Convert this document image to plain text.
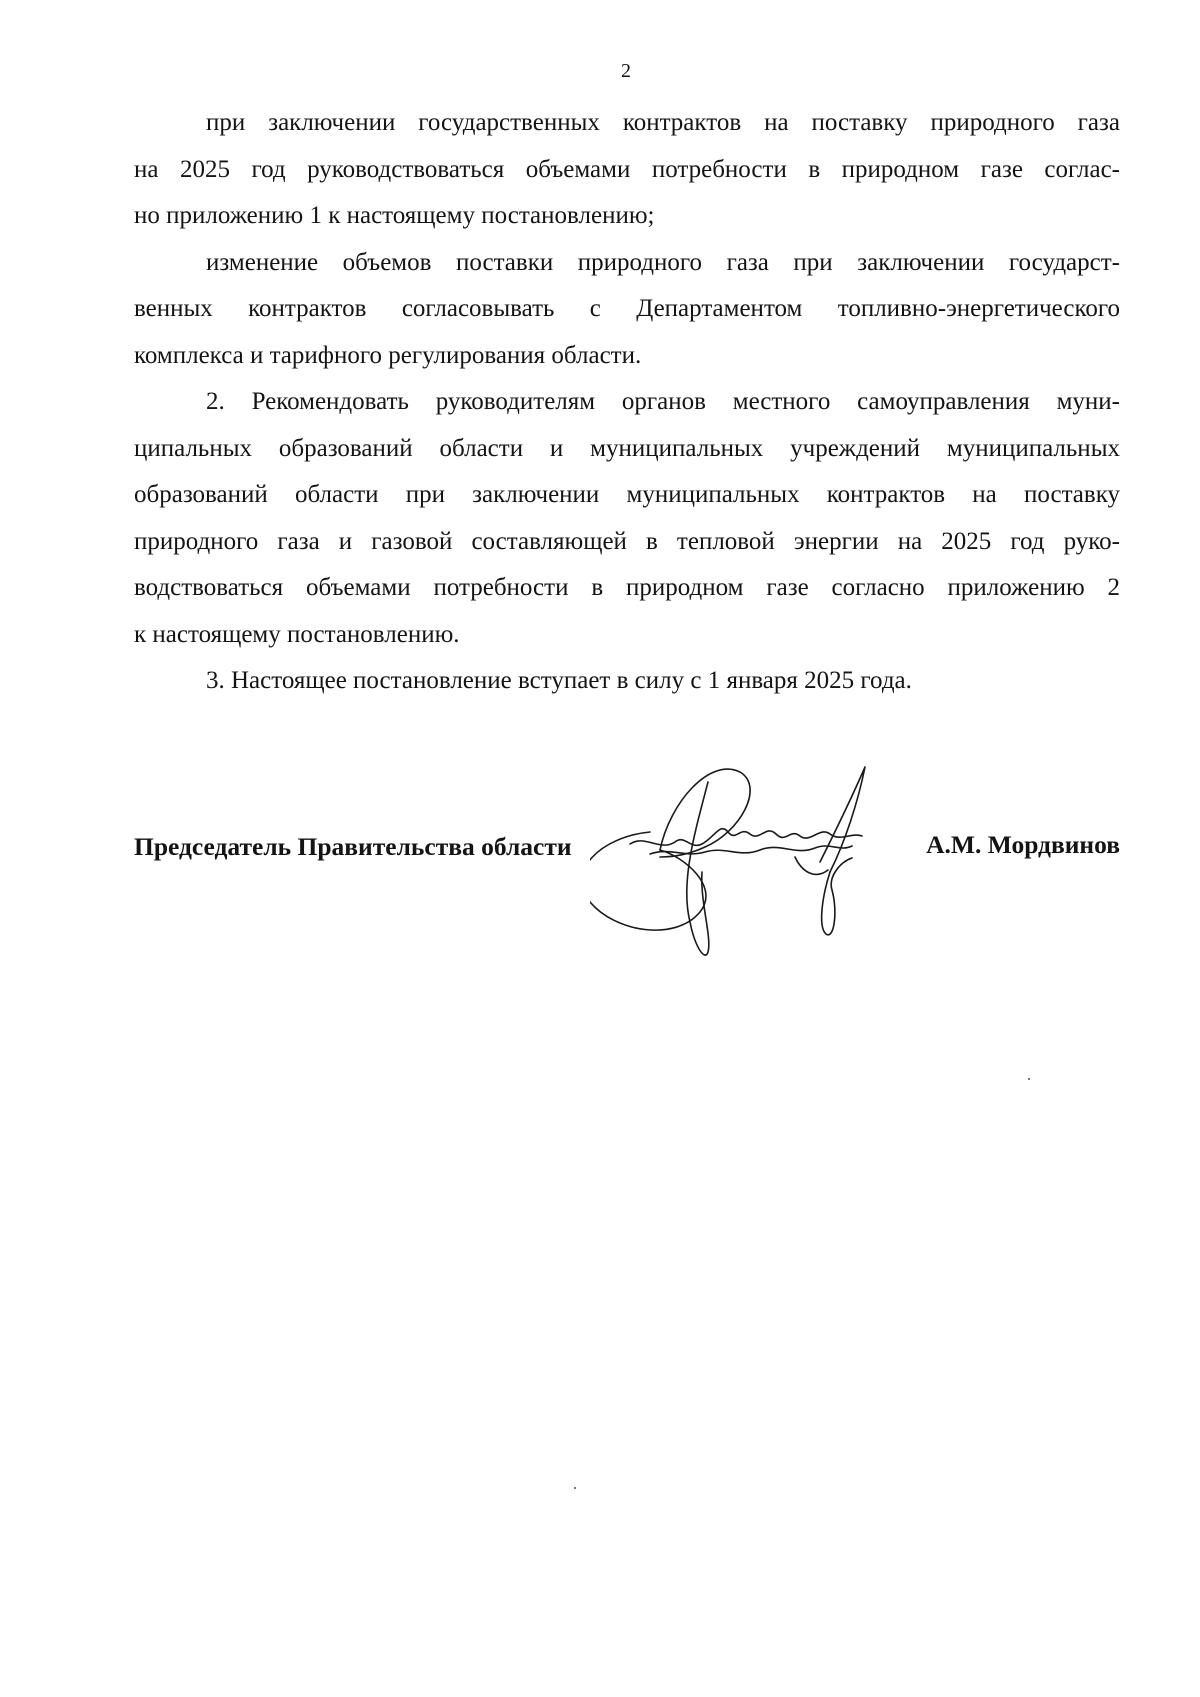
2
при заключении государственных контрактов на поставку природного газа
на 2025 год руководствоваться объемами потребности в природном газе соглас-
но приложению 1 к настоящему постановлению;
изменение объемов поставки природного газа при заключении государст-
венных контрактов согласовывать с Департаментом топливно-энергетического
комплекса и тарифного регулирования области.
2. Рекомендовать руководителям органов местного самоуправления муни-
ципальных образований области и муниципальных учреждений муниципальных
образований области при заключении муниципальных контрактов на поставку
природного газа и газовой составляющей в тепловой энергии на 2025 год руко-
водствоваться объемами потребности в природном газе согласно приложению 2
к настоящему постановлению.
3. Настоящее постановление вступает в силу с 1 января 2025 года.
Председатель Правительства области	А.М. Мордвинов
